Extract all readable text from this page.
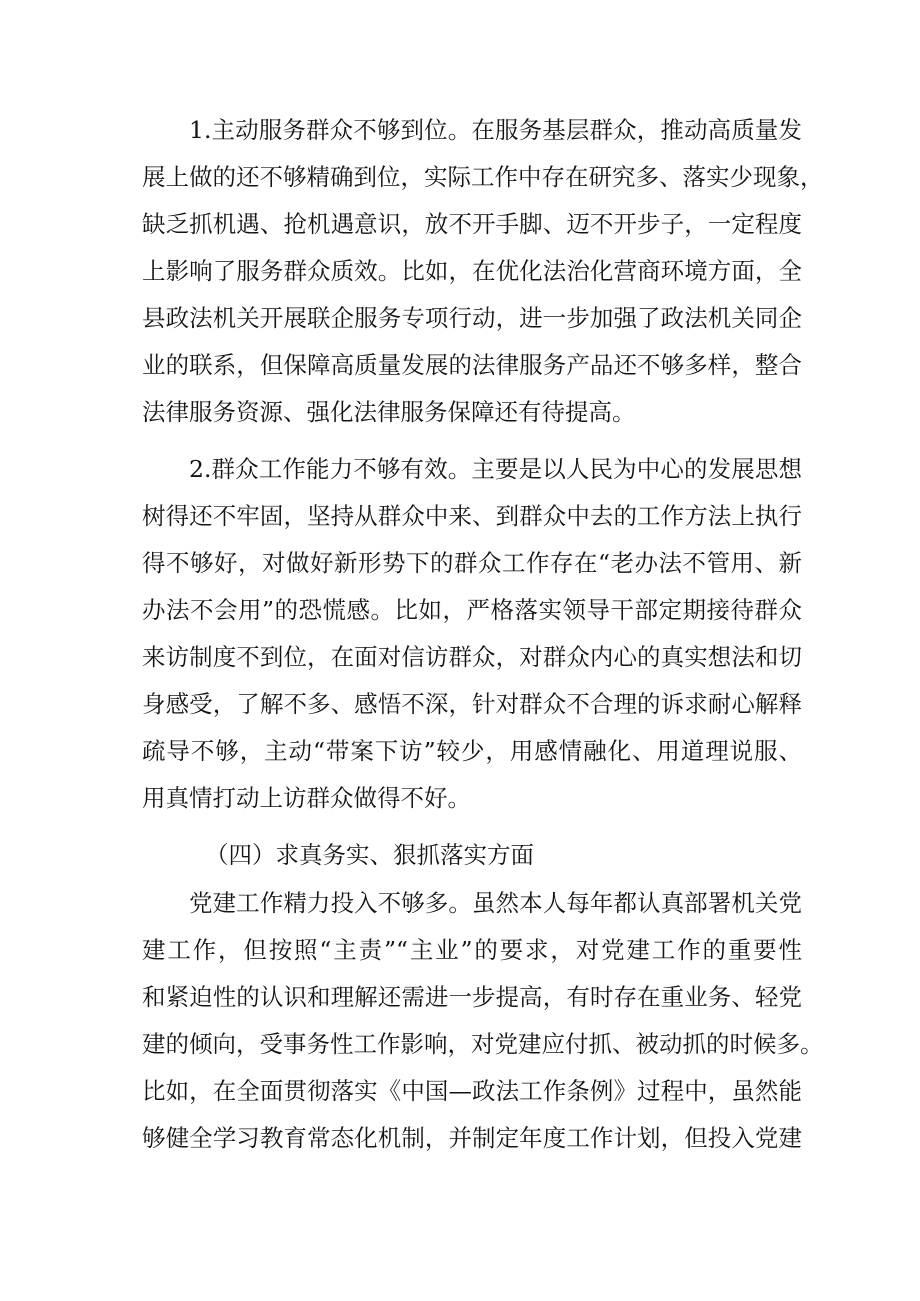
1.主动服务群众不够到位。在服务基层群众，推动高质量发

展上做的还不够精确到位，实际工作中存在研究多、落实少现象，

缺乏抓机遇、抢机遇意识，放不开手脚、迈不开步子，一定程度

上影响了服务群众质效。比如，在优化法治化营商环境方面，全

县政法机关开展联企服务专项行动，进一步加强了政法机关同企

业的联系，但保障高质量发展的法律服务产品还不够多样，整合

法律服务资源、强化法律服务保障还有待提高。

2.群众工作能力不够有效。主要是以人民为中心的发展思想

树得还不牢固，坚持从群众中来、到群众中去的工作方法上执行

得不够好，对做好新形势下的群众工作存在“老办法不管用、新

办法不会用”的恐慌感。比如，严格落实领导干部定期接待群众

来访制度不到位，在面对信访群众，对群众内心的真实想法和切

身感受，了解不多、感悟不深，针对群众不合理的诉求耐心解释

疏导不够，主动“带案下访”较少，用感情融化、用道理说服、

用真情打动上访群众做得不好。

（四）求真务实、狠抓落实方面

党建工作精力投入不够多。虽然本人每年都认真部署机关党

建工作，但按照“主责”“主业”的要求，对党建工作的重要性

和紧迫性的认识和理解还需进一步提高，有时存在重业务、轻党

建的倾向，受事务性工作影响，对党建应付抓、被动抓的时候多。

比如，在全面贯彻落实《中国—政法工作条例》过程中，虽然能

够健全学习教育常态化机制，并制定年度工作计划，但投入党建
